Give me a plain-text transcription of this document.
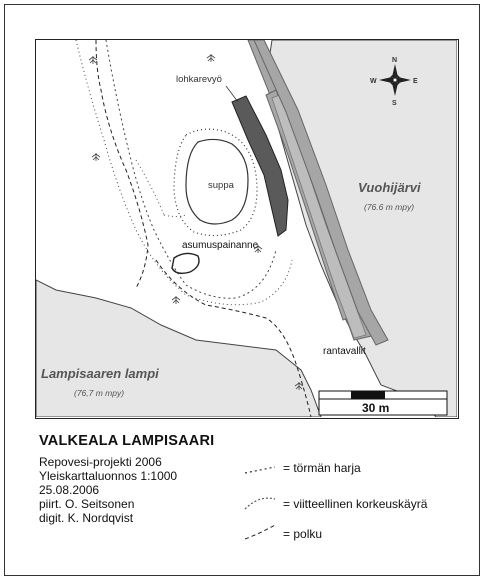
N
S
W	E
lohkarevyö
suppa
asumuspainanne
Vuohijärvi
(76.6 m mpy)
Lampisaaren lampi
(76,7 m mpy)
rantavallit
30 m
VALKEALA LAMPISAARI
Repovesi-projekti 2006
Yleiskarttaluonnos 1:1000
25.08.2006
piirt. O. Seitsonen
digit. K. Nordqvist
= törmän harja
= viitteellinen korkeuskäyrä
= polku
